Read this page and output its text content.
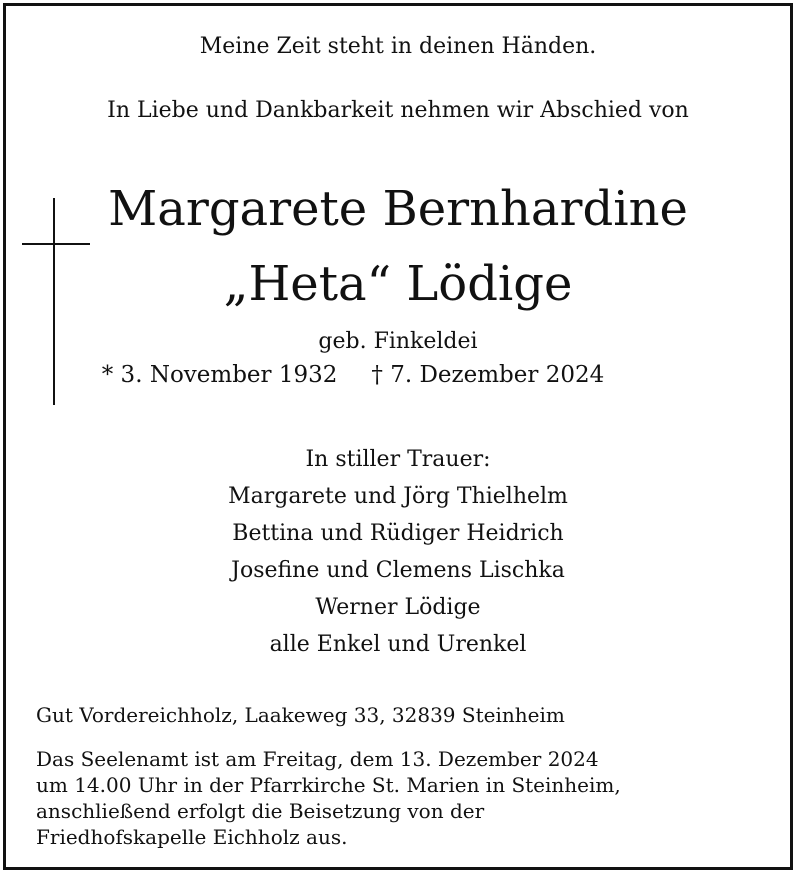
Meine Zeit steht in deinen Händen.
In Liebe und Dankbarkeit nehmen wir Abschied von
Margarete Bernhardine
„Heta“ Lödige
geb. Finkeldei
* 3. November 1932 † 7. Dezember 2024
In stiller Trauer:
Margarete und Jörg Thielhelm
Bettina und Rüdiger Heidrich
Josefine und Clemens Lischka
Werner Lödige
alle Enkel und Urenkel
Gut Vordereichholz, Laakeweg 33, 32839 Steinheim
Das Seelenamt ist am Freitag, dem 13. Dezember 2024
um 14.00 Uhr in der Pfarrkirche St. Marien in Steinheim,
anschließend erfolgt die Beisetzung von der
Friedhofskapelle Eichholz aus.
